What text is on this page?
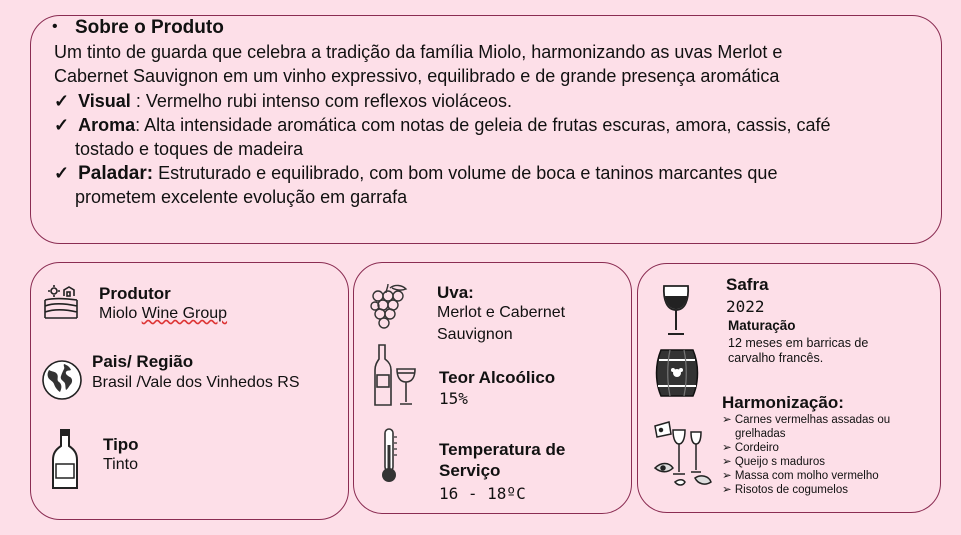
• Sobre o Produto
Um tinto de guarda que celebra a tradição da família Miolo, harmonizando as uvas Merlot e
Cabernet Sauvignon em um vinho expressivo, equilibrado e de grande presença aromática
✓ Visual : Vermelho rubi intenso com reflexos violáceos.
✓ Aroma: Alta intensidade aromática com notas de geleia de frutas escuras, amora, cassis, café
tostado e toques de madeira
✓ Paladar: Estruturado e equilibrado, com bom volume de boca e taninos marcantes que
prometem excelente evolução em garrafa
Produtor
Miolo Wine Group
Pais/ Região
Brasil /Vale dos Vinhedos RS
Tipo
Tinto
Uva:
Merlot e Cabernet
Sauvignon
Teor Alcoólico
15%
Temperatura de
Serviço
16 - 18ºC
Safra
2022
Maturação
12 meses em barricas de
carvalho francês.
Harmonização:
➢ Carnes vermelhas assadas ou
grelhadas
➢ Cordeiro
➢ Queijo s maduros
➢ Massa com molho vermelho
➢ Risotos de cogumelos
